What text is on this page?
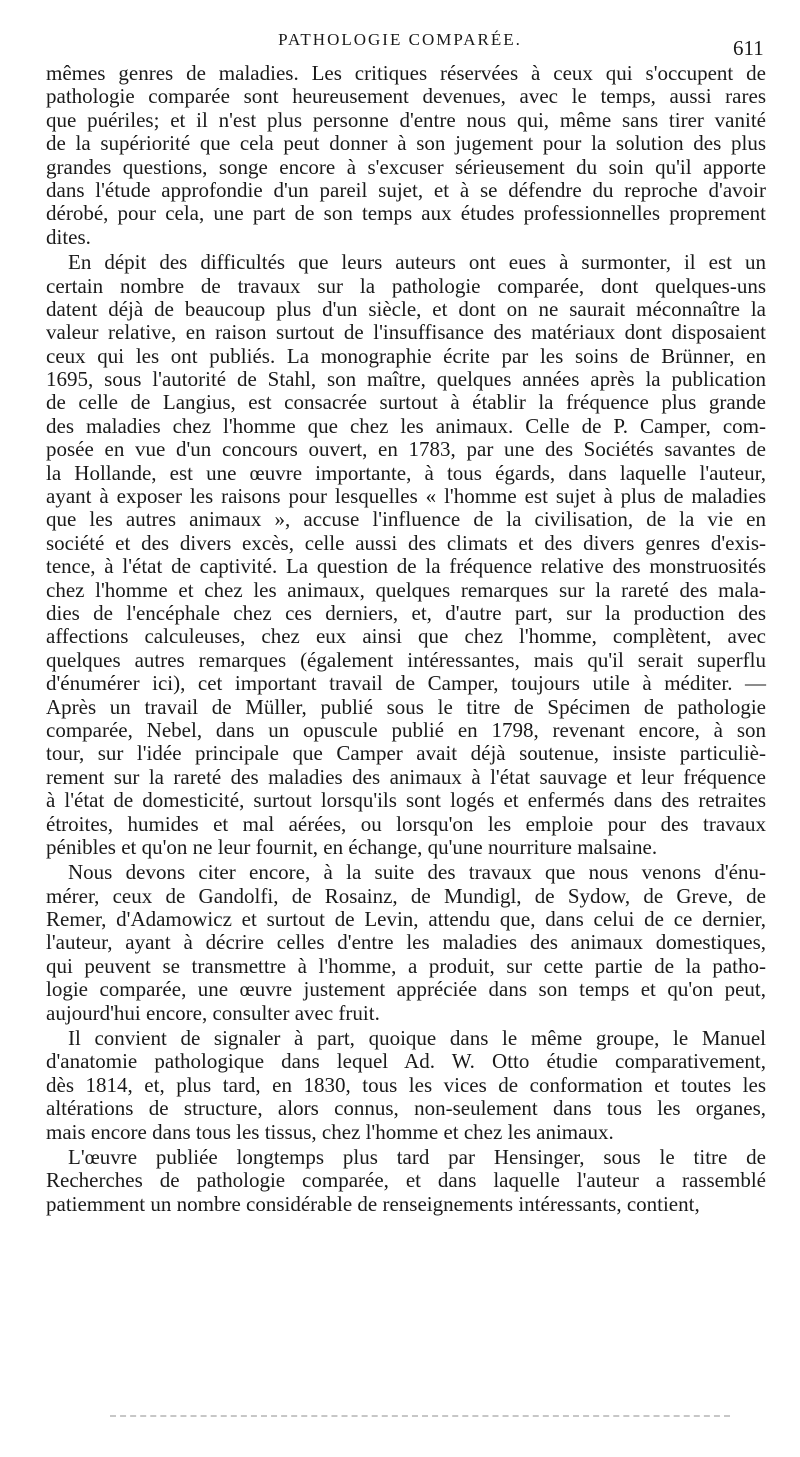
PATHOLOGIE COMPARÉE.	611
mêmes genres de maladies. Les critiques réservées à ceux qui s'occupent de
pathologie comparée sont heureusement devenues, avec le temps, aussi rares
que puériles; et il n'est plus personne d'entre nous qui, même sans tirer vanité
de la supériorité que cela peut donner à son jugement pour la solution des plus
grandes questions, songe encore à s'excuser sérieusement du soin qu'il apporte
dans l'étude approfondie d'un pareil sujet, et à se défendre du reproche d'avoir
dérobé, pour cela, une part de son temps aux études professionnelles proprement
dites.
En dépit des difficultés que leurs auteurs ont eues à surmonter, il est un
certain nombre de travaux sur la pathologie comparée, dont quelques-uns
datent déjà de beaucoup plus d'un siècle, et dont on ne saurait méconnaître la
valeur relative, en raison surtout de l'insuffisance des matériaux dont disposaient
ceux qui les ont publiés. La monographie écrite par les soins de Brünner, en
1695, sous l'autorité de Stahl, son maître, quelques années après la publication
de celle de Langius, est consacrée surtout à établir la fréquence plus grande
des maladies chez l'homme que chez les animaux. Celle de P. Camper, com-
posée en vue d'un concours ouvert, en 1783, par une des Sociétés savantes de
la Hollande, est une œuvre importante, à tous égards, dans laquelle l'auteur,
ayant à exposer les raisons pour lesquelles « l'homme est sujet à plus de maladies
que les autres animaux », accuse l'influence de la civilisation, de la vie en
société et des divers excès, celle aussi des climats et des divers genres d'exis-
tence, à l'état de captivité. La question de la fréquence relative des monstruosités
chez l'homme et chez les animaux, quelques remarques sur la rareté des mala-
dies de l'encéphale chez ces derniers, et, d'autre part, sur la production des
affections calculeuses, chez eux ainsi que chez l'homme, complètent, avec
quelques autres remarques (également intéressantes, mais qu'il serait superflu
d'énumérer ici), cet important travail de Camper, toujours utile à méditer. —
Après un travail de Müller, publié sous le titre de Spécimen de pathologie
comparée, Nebel, dans un opuscule publié en 1798, revenant encore, à son
tour, sur l'idée principale que Camper avait déjà soutenue, insiste particuliè-
rement sur la rareté des maladies des animaux à l'état sauvage et leur fréquence
à l'état de domesticité, surtout lorsqu'ils sont logés et enfermés dans des retraites
étroites, humides et mal aérées, ou lorsqu'on les emploie pour des travaux
pénibles et qu'on ne leur fournit, en échange, qu'une nourriture malsaine.
Nous devons citer encore, à la suite des travaux que nous venons d'énu-
mérer, ceux de Gandolfi, de Rosainz, de Mundigl, de Sydow, de Greve, de
Remer, d'Adamowicz et surtout de Levin, attendu que, dans celui de ce dernier,
l'auteur, ayant à décrire celles d'entre les maladies des animaux domestiques,
qui peuvent se transmettre à l'homme, a produit, sur cette partie de la patho-
logie comparée, une œuvre justement appréciée dans son temps et qu'on peut,
aujourd'hui encore, consulter avec fruit.
Il convient de signaler à part, quoique dans le même groupe, le Manuel
d'anatomie pathologique dans lequel Ad. W. Otto étudie comparativement,
dès 1814, et, plus tard, en 1830, tous les vices de conformation et toutes les
altérations de structure, alors connus, non-seulement dans tous les organes,
mais encore dans tous les tissus, chez l'homme et chez les animaux.
L'œuvre publiée longtemps plus tard par Hensinger, sous le titre de
Recherches de pathologie comparée, et dans laquelle l'auteur a rassemblé
patiemment un nombre considérable de renseignements intéressants, contient,
